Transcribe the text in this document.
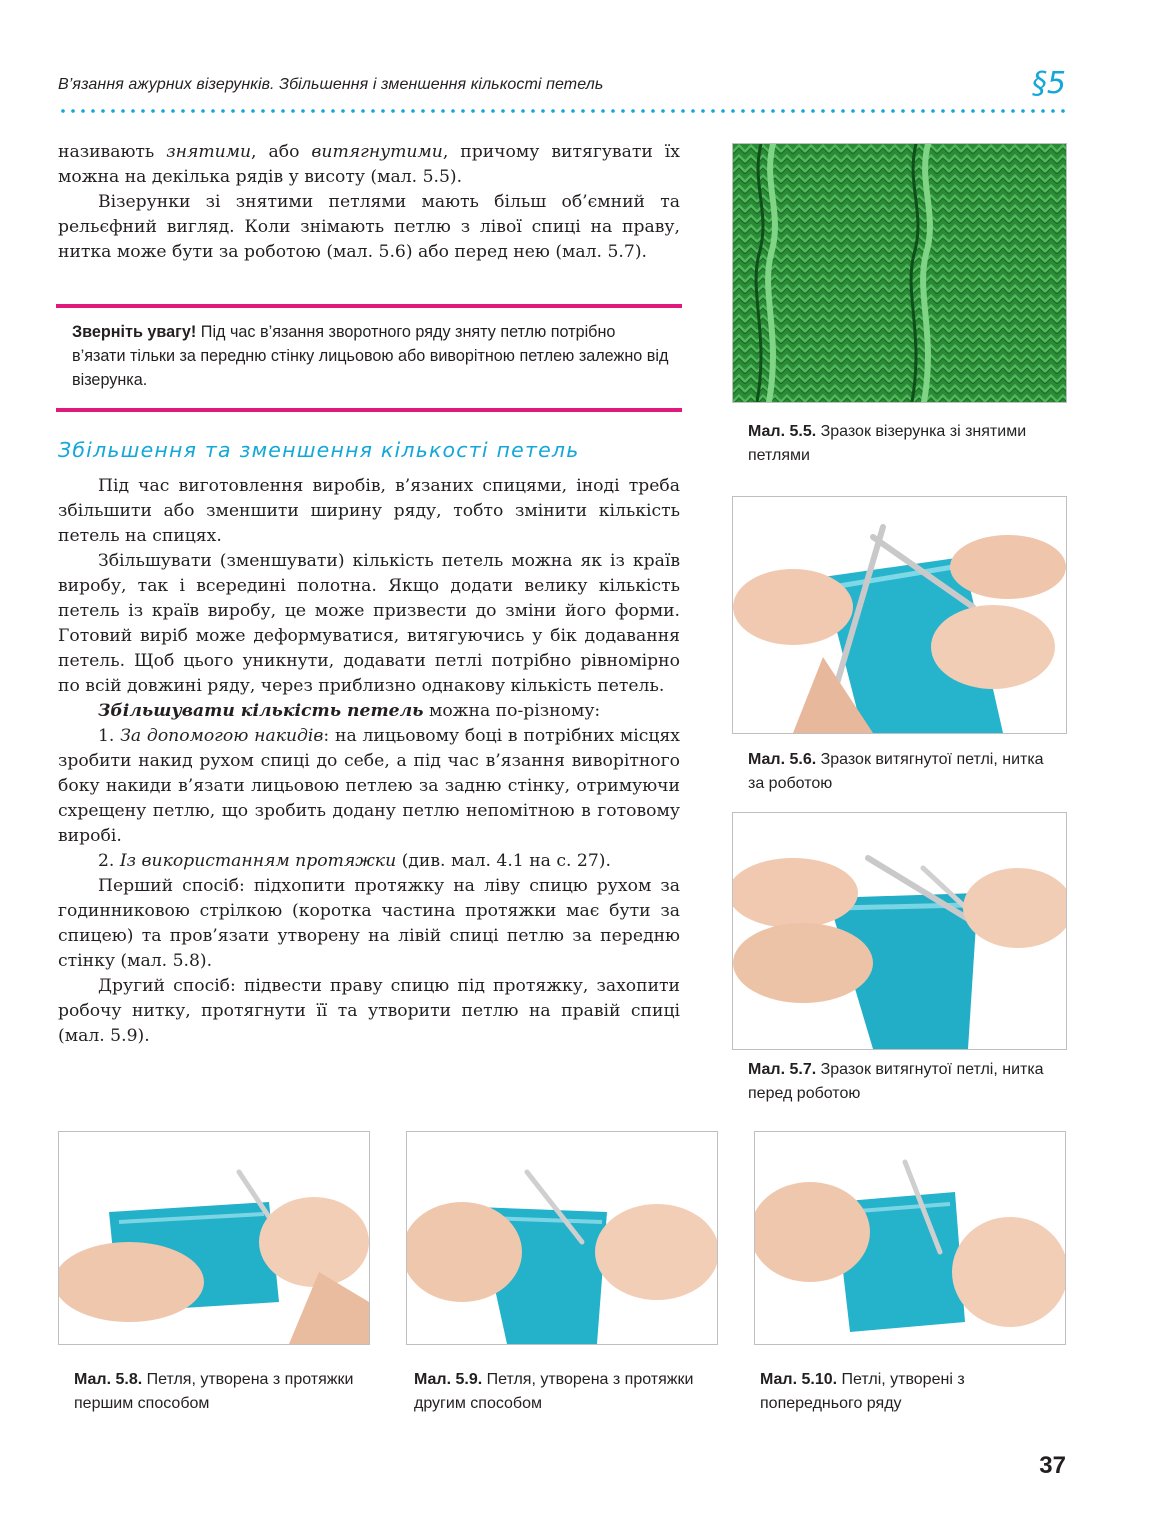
В’язання ажурних візерунків. Збільшення і зменшення кількості петель	§5

називають знятими, або витягнутими, причому витягувати їх можна на декілька рядів у висоту (мал. 5.5).

Візерунки зі знятими петлями мають більш об’ємний та рельєфний вигляд. Коли знімають петлю з лівої спиці на праву, нитка може бути за роботою (мал. 5.6) або перед нею (мал. 5.7).

Зверніть увагу! Під час в’язання зворотного ряду зняту петлю потрібно в’язати тільки за передню стінку лицьовою або виворітною петлею залежно від візерунка.
Збільшення та зменшення кількості петель

Під час виготовлення виробів, в’язаних спицями, іноді треба збільшити або зменшити ширину ряду, тобто змінити кількість петель на спицях.

Збільшувати (зменшувати) кількість петель можна як із країв виробу, так і всередині полотна. Якщо додати велику кількість петель із країв виробу, це може призвести до зміни його форми. Готовий виріб може деформуватися, витягуючись у бік додавання петель. Щоб цього уникнути, додавати петлі потрібно рівномірно по всій довжині ряду, через приблизно однакову кількість петель.

Збільшувати кількість петель можна по-різному:

1. За допомогою накидів: на лицьовому боці в потрібних місцях зробити накид рухом спиці до себе, а під час в’язання виворітного боку накиди в’язати лицьовою петлею за задню стінку, отримуючи схрещену петлю, що зробить додану петлю непомітною в готовому виробі.

2. Із використанням протяжки (див. мал. 4.1 на с. 27).

Перший спосіб: підхопити протяжку на ліву спицю рухом за годинниковою стрілкою (коротка частина протяжки має бути за спицею) та пров’язати утворену на лівій спиці петлю за передню стінку (мал. 5.8).

Другий спосіб: підвести праву спицю під протяжку, захопити робочу нитку, протягнути її та утворити петлю на правій спиці (мал. 5.9).

Мал. 5.5. Зразок візерунка зі знятими петлями
Мал. 5.6. Зразок витягнутої петлі, нитка за роботою
Мал. 5.7. Зразок витягнутої петлі, нитка перед роботою
Мал. 5.8. Петля, утворена з протяжки першим способом
Мал. 5.9. Петля, утворена з протяжки другим способом
Мал. 5.10. Петлі, утворені з попереднього ряду
37
